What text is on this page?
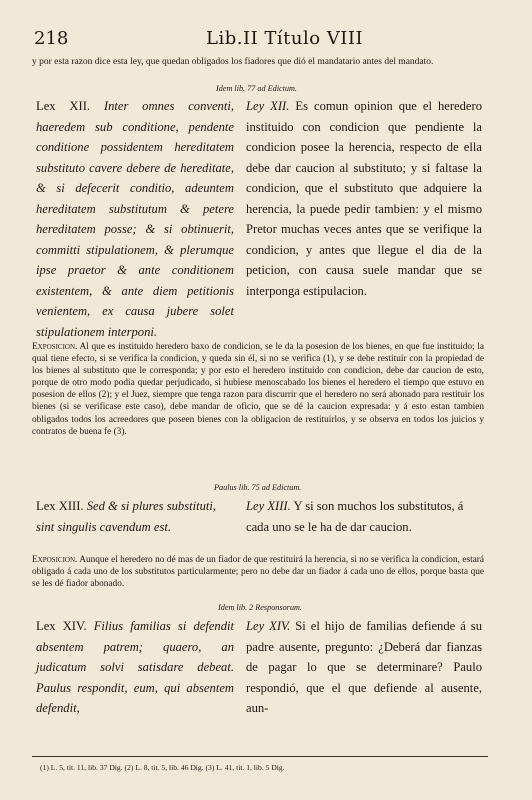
218	Lib.II Título VIII
y por esta razon dice esta ley, que quedan obligados los fiadores que dió el mandatario antes del mandato.
Idem lib. 77 ad Edictum.
Lex XII. Inter omnes conventi, haeredem sub conditione, pendente conditione possidentem hereditatem substituto cavere debere de hereditate, & si defecerit conditio, adeuntem hereditatem substitutum & petere hereditatem posse; & si obtinuerit, committi stipulationem, & plerumque ipse praetor & ante conditionem existentem, & ante diem petitionis venientem, ex causa jubere solet stipulationem interponi.
Ley XII. Es comun opinion que el heredero instituido con condicion que pendiente la condicion posee la herencia, respecto de ella debe dar caucion al substituto; y si faltase la condicion, que el substituto que adquiere la herencia, la puede pedir tambien: y el mismo Pretor muchas veces antes que se verifique la condicion, y antes que llegue el dia de la peticion, con causa suele mandar que se interponga estipulacion.
Exposicion. Al que es instituido heredero baxo de condicion, se le da la posesion de los bienes, en que fue instituido; la qual tiene efecto, si se verifica la condicion, y queda sin él, si no se verifica (1), y se debe restituir con la propiedad de los bienes al substituto que le corresponda; y por esto el heredero instituido con condicion, debe dar caucion de esto, porque de otro modo podia quedar perjudicado, si hubiese menoscabado los bienes el heredero el tiempo que estuvo en posesion de ellos (2); y el Juez, siempre que tenga razon para discurrir que el heredero no será abonado para restituir los bienes (si se verificase este caso), debe mandar de oficio, que se dé la caucion expresada: y á esto estan tambien obligados todos los acreedores que poseen bienes con la obligacion de restituirlos, y se observa en todos los juicios y contratos de buena fe (3).
Paulus lib. 75 ad Edictum.
Lex XIII. Sed & si plures substituti, sint singulis cavendum est.
Ley XIII. Y si son muchos los substitutos, á cada uno se le ha de dar caucion.
Exposicion. Aunque el heredero no dé mas de un fiador de que restituirá la herencia, si no se verifica la condicion, estará obligado á cada uno de los substitutos particularmente; pero no debe dar un fiador á cada uno de ellos, porque basta que se les dé fiador abonado.
Idem lib. 2 Responsorum.
Lex XIV. Filius familias si defendit absentem patrem; quaero, an judicatum solvi satisdare debeat. Paulus respondit, eum, qui absentem defendit,
Ley XIV. Si el hijo de familias defiende á su padre ausente, pregunto: ¿Deberá dar fianzas de pagar lo que se determinare? Paulo respondió, que el que defiende al ausente, aun-
(1) L. 5, tit. 11, lib. 37 Dig. (2) L. 8, tit. 5, lib. 46 Dig. (3) L. 41, tit. 1, lib. 5 Dig.
